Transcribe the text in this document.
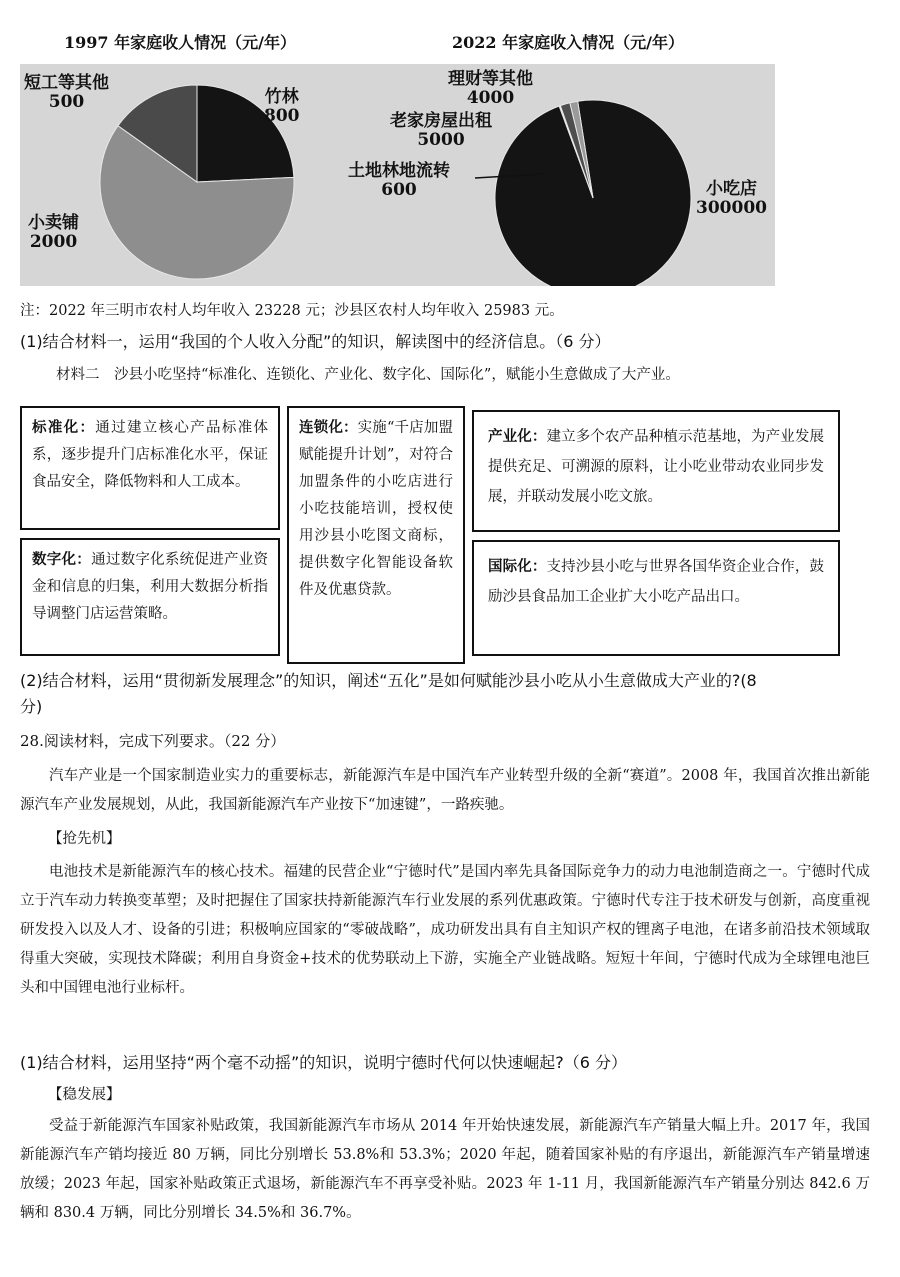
1997 年家庭收人情况（元/年）	2022 年家庭收入情况（元/年）
短工等其他
500	竹林
800
小卖铺
2000
理财等其他
4000
老家房屋出租
5000
土地林地流转
600	小吃店
300000
注：2022 年三明市农村人均年收入 23228 元；沙县区农村人均年收入 25983 元。
(1)结合材料一，运用“我国的个人收入分配”的知识，解读图中的经济信息。（6 分）
材料二　沙县小吃坚持“标准化、连锁化、产业化、数字化、国际化”，赋能小生意做成了大产业。
标准化：通过建立核心产品标准体系，逐步提升门店标准化水平，保证食品安全，降低物料和人工成本。
数字化：通过数字化系统促进产业资金和信息的归集，利用大数据分析指导调整门店运营策略。
连锁化：实施“千店加盟赋能提升计划”，对符合加盟条件的小吃店进行小吃技能培训，授权使用沙县小吃图文商标，提供数字化智能设备软件及优惠贷款。
产业化：建立多个农产品种植示范基地，为产业发展提供充足、可溯源的原料，让小吃业带动农业同步发展，并联动发展小吃文旅。
国际化：支持沙县小吃与世界各国华资企业合作，鼓励沙县食品加工企业扩大小吃产品出口。
(2)结合材料，运用“贯彻新发展理念”的知识，阐述“五化”是如何赋能沙县小吃从小生意做成大产业的?(8
分)
28.阅读材料，完成下列要求。（22 分）
汽车产业是一个国家制造业实力的重要标志，新能源汽车是中国汽车产业转型升级的全新“赛道”。2008 年，我国首次推出新能源汽车产业发展规划，从此，我国新能源汽车产业按下“加速键”，一路疾驰。
【抢先机】
电池技术是新能源汽车的核心技术。福建的民营企业“宁德时代”是国内率先具备国际竞争力的动力电池制造商之一。宁德时代成立于汽车动力转换变革塑；及时把握住了国家扶持新能源汽车行业发展的系列优惠政策。宁德时代专注于技术研发与创新，高度重视研发投入以及人才、设备的引进；积极响应国家的“零破战略”，成功研发出具有自主知识产权的锂离子电池，在诸多前沿技术领域取得重大突破，实现技术降碳；利用自身资金+技术的优势联动上下游，实施全产业链战略。短短十年间，宁德时代成为全球锂电池巨头和中国锂电池行业标杆。
(1)结合材料，运用坚持“两个毫不动摇”的知识，说明宁德时代何以快速崛起?（6 分）
【稳发展】
受益于新能源汽车国家补贴政策，我国新能源汽车市场从 2014 年开始快速发展，新能源汽车产销量大幅上升。2017 年，我国新能源汽车产销均接近 80 万辆，同比分别增长 53.8%和 53.3%；2020 年起，随着国家补贴的有序退出，新能源汽车产销量增速放缓；2023 年起，国家补贴政策正式退场，新能源汽车不再享受补贴。2023 年 1-11 月，我国新能源汽车产销量分别达 842.6 万辆和 830.4 万辆，同比分别增长 34.5%和 36.7%。
